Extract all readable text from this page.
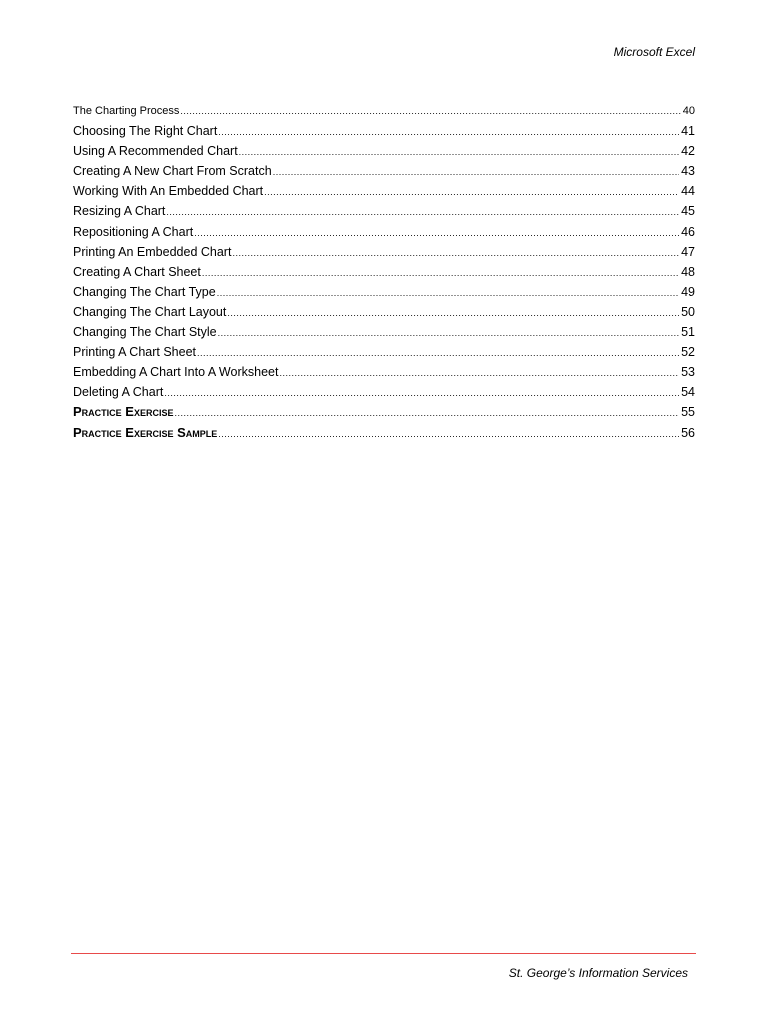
Microsoft Excel
The Charting Process .....	40
Choosing The Right Chart .....	41
Using A Recommended Chart .....	42
Creating A New Chart From Scratch .....	43
Working With An Embedded Chart .....	44
Resizing A Chart .....	45
Repositioning A Chart .....	46
Printing An Embedded Chart .....	47
Creating A Chart Sheet .....	48
Changing The Chart Type .....	49
Changing The Chart Layout .....	50
Changing The Chart Style .....	51
Printing A Chart Sheet .....	52
Embedding A Chart Into A Worksheet .....	53
Deleting A Chart .....	54
Practice Exercise .....	55
Practice Exercise Sample .....	56
St. George’s Information Services
